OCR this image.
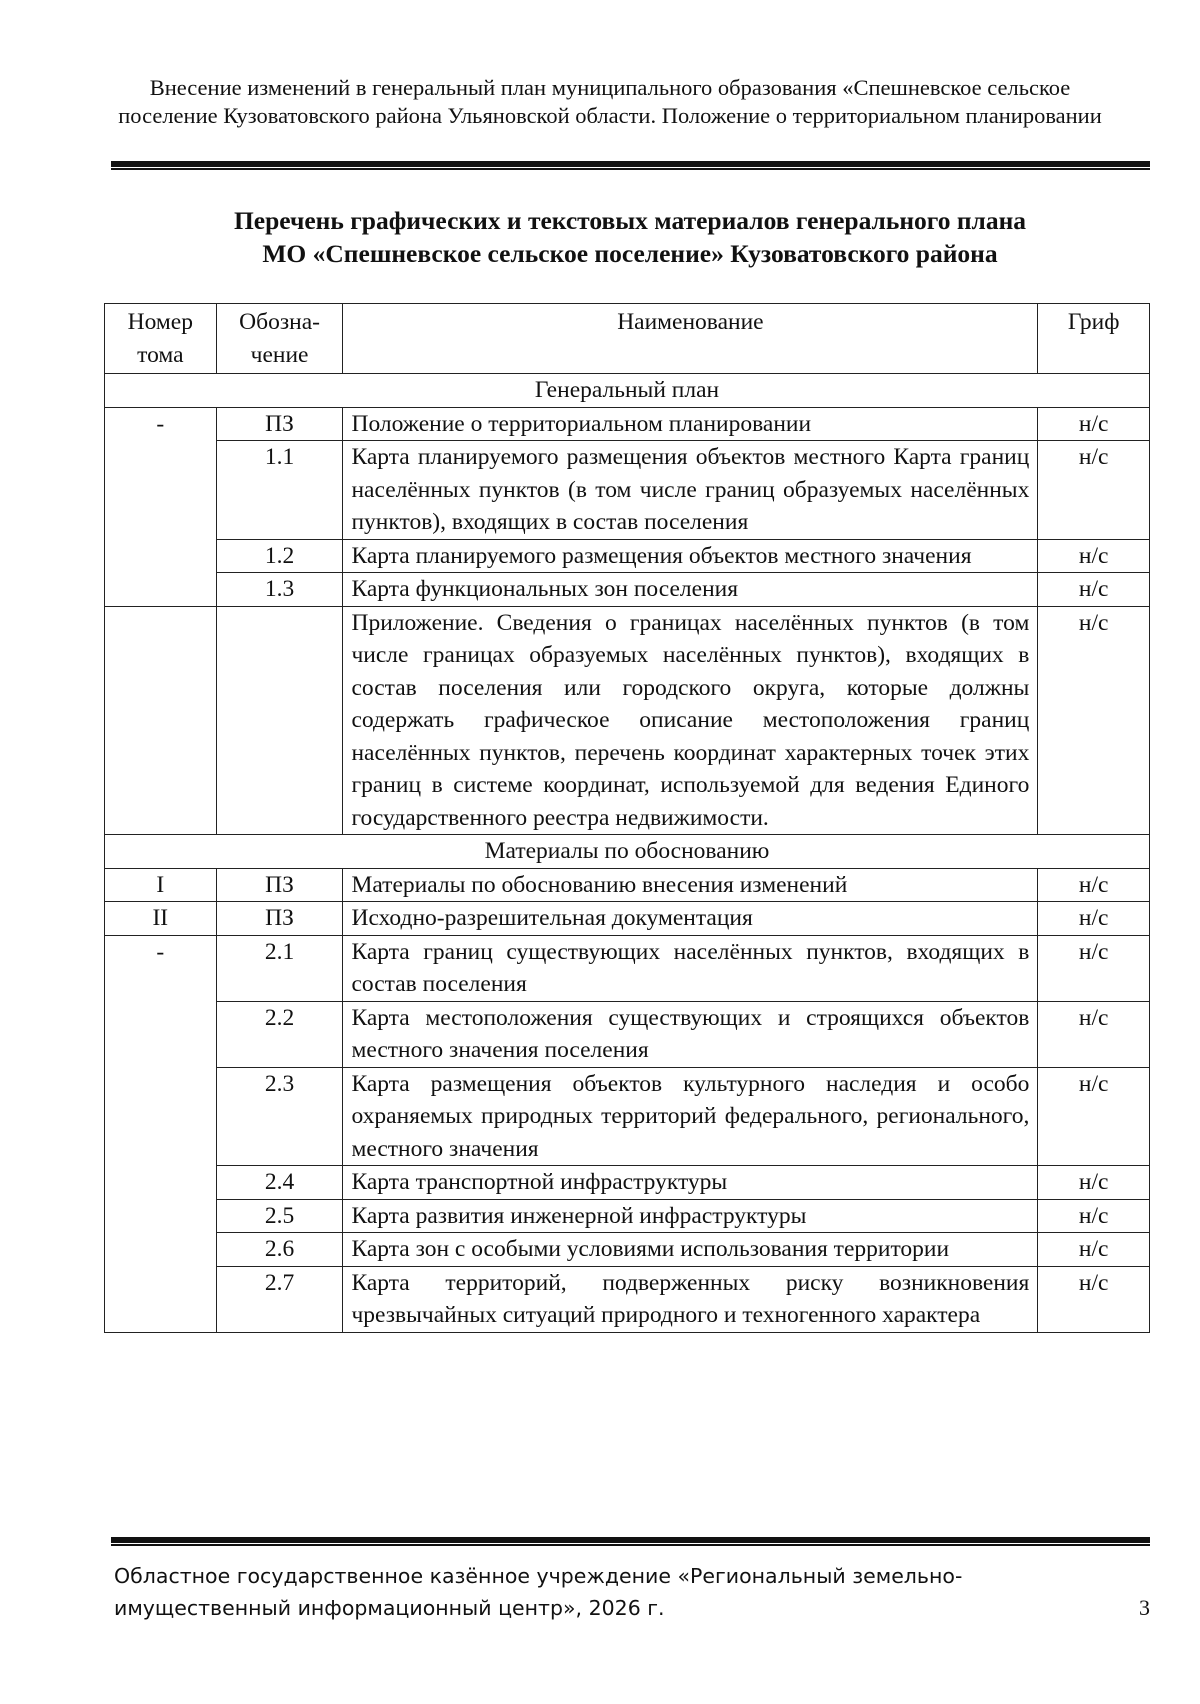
Внесение изменений в генеральный план муниципального образования «Спешневское сельское поселение Кузоватовского района Ульяновской области. Положение о территориальном планировании
Перечень графических и текстовых материалов генерального плана
МО «Спешневское сельское поселение» Кузоватовского района
Номер тома	Обозна-чение	Наименование	Гриф
Генеральный план			
-	ПЗ	Положение о территориальном планировании	н/с
	1.1	Карта планируемого размещения объектов местного Карта границ населённых пунктов (в том числе границ образуемых населённых пунктов), входящих в состав поселения	н/с
	1.2	Карта планируемого размещения объектов местного значения	н/с
	1.3	Карта функциональных зон поселения	н/с
		Приложение. Сведения о границах населённых пунктов (в том числе границах образуемых населённых пунктов), входящих в состав поселения или городского округа, которые должны содержать графическое описание местоположения границ населённых пунктов, перечень координат характерных точек этих границ в системе координат, используемой для ведения Единого государственного реестра недвижимости.	н/с
Материалы по обоснованию			
I	ПЗ	Материалы по обоснованию внесения изменений	н/с
II	ПЗ	Исходно-разрешительная документация	н/с
-	2.1	Карта границ существующих населённых пунктов, входящих в состав поселения	н/с
	2.2	Карта местоположения существующих и строящихся объектов местного значения поселения	н/с
	2.3	Карта размещения объектов культурного наследия и особо охраняемых природных территорий федерального, регионального, местного значения	н/с
	2.4	Карта транспортной инфраструктуры	н/с
	2.5	Карта развития инженерной инфраструктуры	н/с
	2.6	Карта зон с особыми условиями использования территории	н/с
	2.7	Карта территорий, подверженных риску возникновения чрезвычайных ситуаций природного и техногенного характера	н/с
Областное государственное казённое учреждение «Региональный земельно-имущественный информационный центр», 2026 г.	3
